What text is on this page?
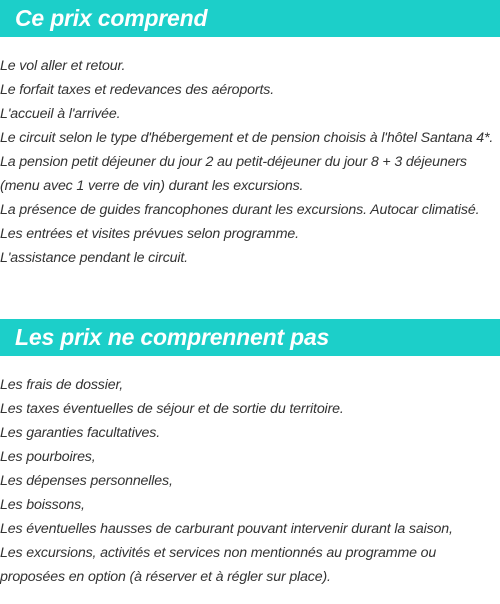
Ce prix comprend
Le vol aller et retour.
Le forfait taxes et redevances des aéroports.
L'accueil à l'arrivée.
Le circuit selon le type d'hébergement et de pension choisis à l'hôtel Santana 4*.
La pension petit déjeuner du jour 2 au petit-déjeuner du jour 8 + 3 déjeuners (menu avec 1 verre de vin) durant les excursions.
La présence de guides francophones durant les excursions. Autocar climatisé.
Les entrées et visites prévues selon programme.
L'assistance pendant le circuit.
Les prix ne comprennent pas
Les frais de dossier,
Les taxes éventuelles de séjour et de sortie du territoire.
Les garanties facultatives.
Les pourboires,
Les dépenses personnelles,
Les boissons,
Les éventuelles hausses de carburant pouvant intervenir durant la saison,
Les excursions, activités et services non mentionnés au programme ou proposées en option (à réserver et à régler sur place).
